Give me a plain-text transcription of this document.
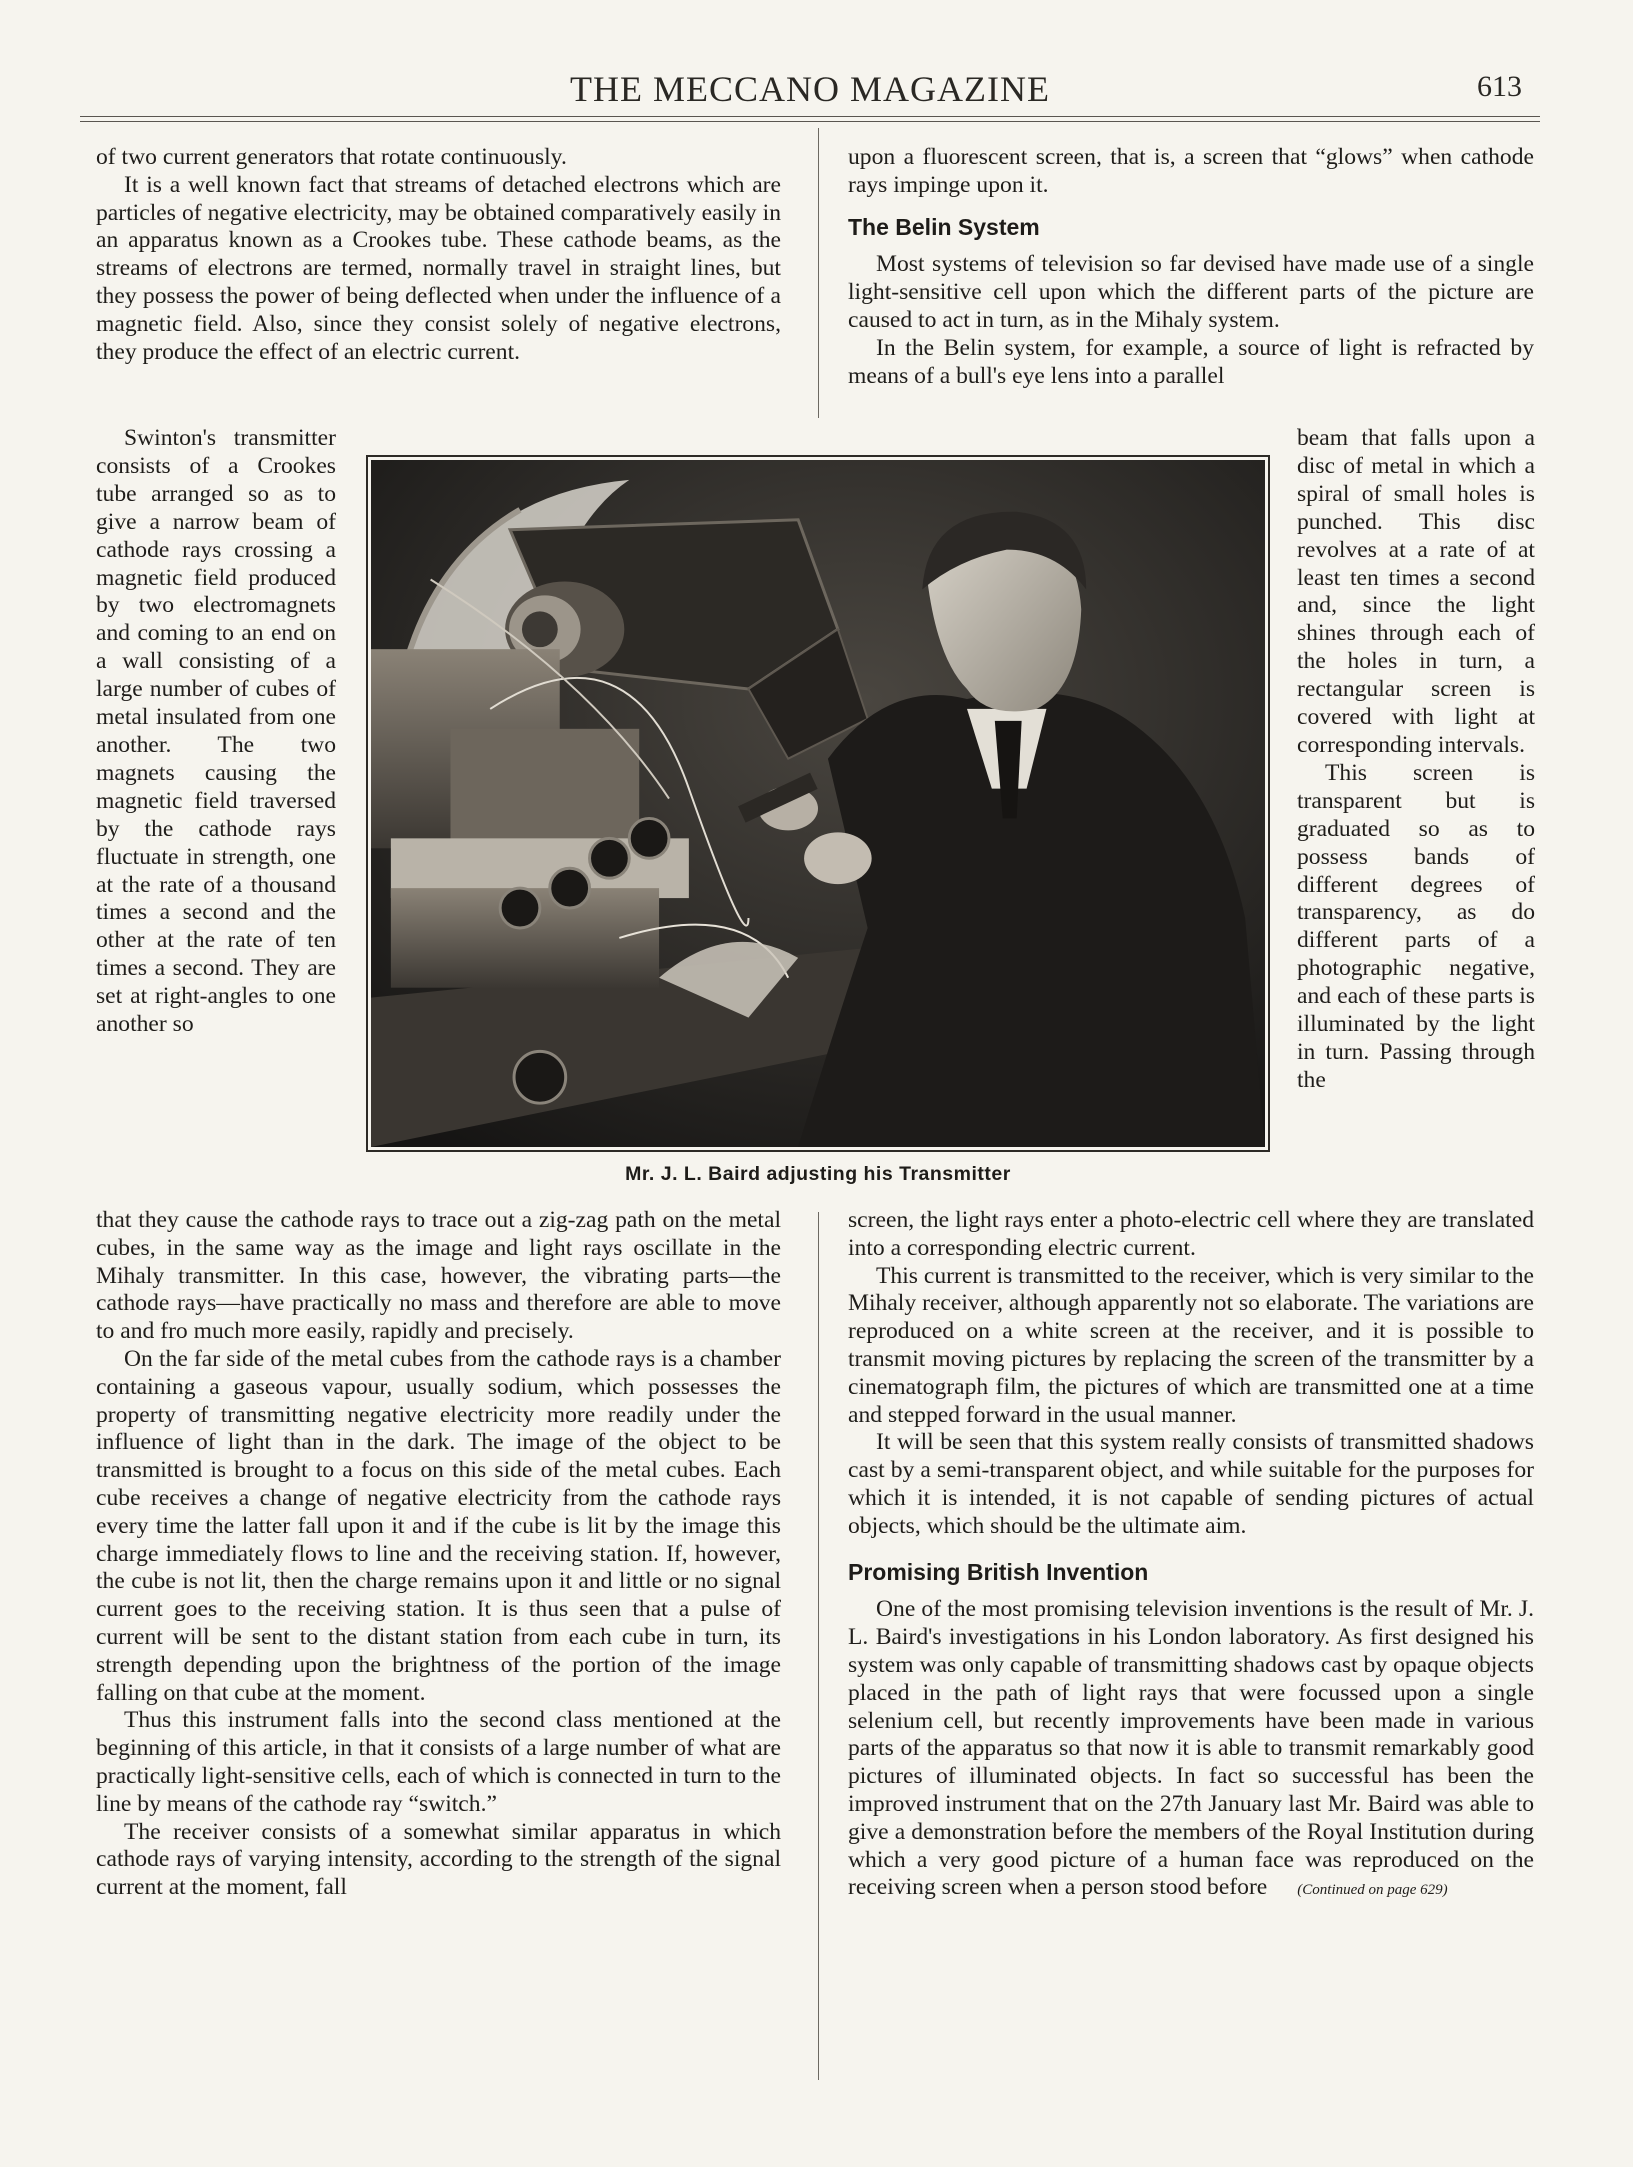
THE MECCANO MAGAZINE	613

of two current generators that rotate continuously.

It is a well known fact that streams of detached electrons which are particles of negative electricity, may be obtained comparatively easily in an apparatus known as a Crookes tube. These cathode beams, as the streams of electrons are termed, normally travel in straight lines, but they possess the power of being deflected when under the influence of a magnetic field. Also, since they consist solely of negative electrons, they produce the effect of an electric current.

Swinton's transmitter consists of a Crookes tube arranged so as to give a narrow beam of cathode rays crossing a magnetic field produced by two electromagnets and coming to an end on a wall consisting of a large number of cubes of metal insulated from one another. The two magnets causing the magnetic field traversed by the cathode rays fluctuate in strength, one at the rate of a thousand times a second and the other at the rate of ten times a second. They are set at right-angles to one another so

that they cause the cathode rays to trace out a zig-zag path on the metal cubes, in the same way as the image and light rays oscillate in the Mihaly transmitter. In this case, however, the vibrating parts—the cathode rays—have practically no mass and therefore are able to move to and fro much more easily, rapidly and precisely.

On the far side of the metal cubes from the cathode rays is a chamber containing a gaseous vapour, usually sodium, which possesses the property of transmitting negative electricity more readily under the influence of light than in the dark. The image of the object to be transmitted is brought to a focus on this side of the metal cubes. Each cube receives a change of negative electricity from the cathode rays every time the latter fall upon it and if the cube is lit by the image this charge immediately flows to line and the receiving station. If, however, the cube is not lit, then the charge remains upon it and little or no signal current goes to the receiving station. It is thus seen that a pulse of current will be sent to the distant station from each cube in turn, its strength depending upon the brightness of the portion of the image falling on that cube at the moment.

Thus this instrument falls into the second class mentioned at the beginning of this article, in that it consists of a large number of what are practically light-sensitive cells, each of which is connected in turn to the line by means of the cathode ray “switch.”

The receiver consists of a somewhat similar apparatus in which cathode rays of varying intensity, according to the strength of the signal current at the moment, fall

upon a fluorescent screen, that is, a screen that “glows” when cathode rays impinge upon it.

The Belin System

Most systems of television so far devised have made use of a single light-sensitive cell upon which the different parts of the picture are caused to act in turn, as in the Mihaly system.

In the Belin system, for example, a source of light is refracted by means of a bull's eye lens into a parallel

beam that falls upon a disc of metal in which a spiral of small holes is punched. This disc revolves at a rate of at least ten times a second and, since the light shines through each of the holes in turn, a rectangular screen is covered with light at corresponding intervals.

This screen is transparent but is graduated so as to possess bands of different degrees of transparency, as do different parts of a photographic negative, and each of these parts is illuminated by the light in turn. Passing through the

screen, the light rays enter a photo-electric cell where they are translated into a corresponding electric current.

This current is transmitted to the receiver, which is very similar to the Mihaly receiver, although apparently not so elaborate. The variations are reproduced on a white screen at the receiver, and it is possible to transmit moving pictures by replacing the screen of the transmitter by a cinematograph film, the pictures of which are transmitted one at a time and stepped forward in the usual manner.

It will be seen that this system really consists of transmitted shadows cast by a semi-transparent object, and while suitable for the purposes for which it is intended, it is not capable of sending pictures of actual objects, which should be the ultimate aim.

Promising British Invention

One of the most promising television inventions is the result of Mr. J. L. Baird's investigations in his London laboratory. As first designed his system was only capable of transmitting shadows cast by opaque objects placed in the path of light rays that were focussed upon a single selenium cell, but recently improvements have been made in various parts of the apparatus so that now it is able to transmit remarkably good pictures of illuminated objects. In fact so successful has been the improved instrument that on the 27th January last Mr. Baird was able to give a demonstration before the members of the Royal Institution during which a very good picture of a human face was reproduced on the receiving screen when a person stood before (Continued on page 629)

Mr. J. L. Baird adjusting his Transmitter
